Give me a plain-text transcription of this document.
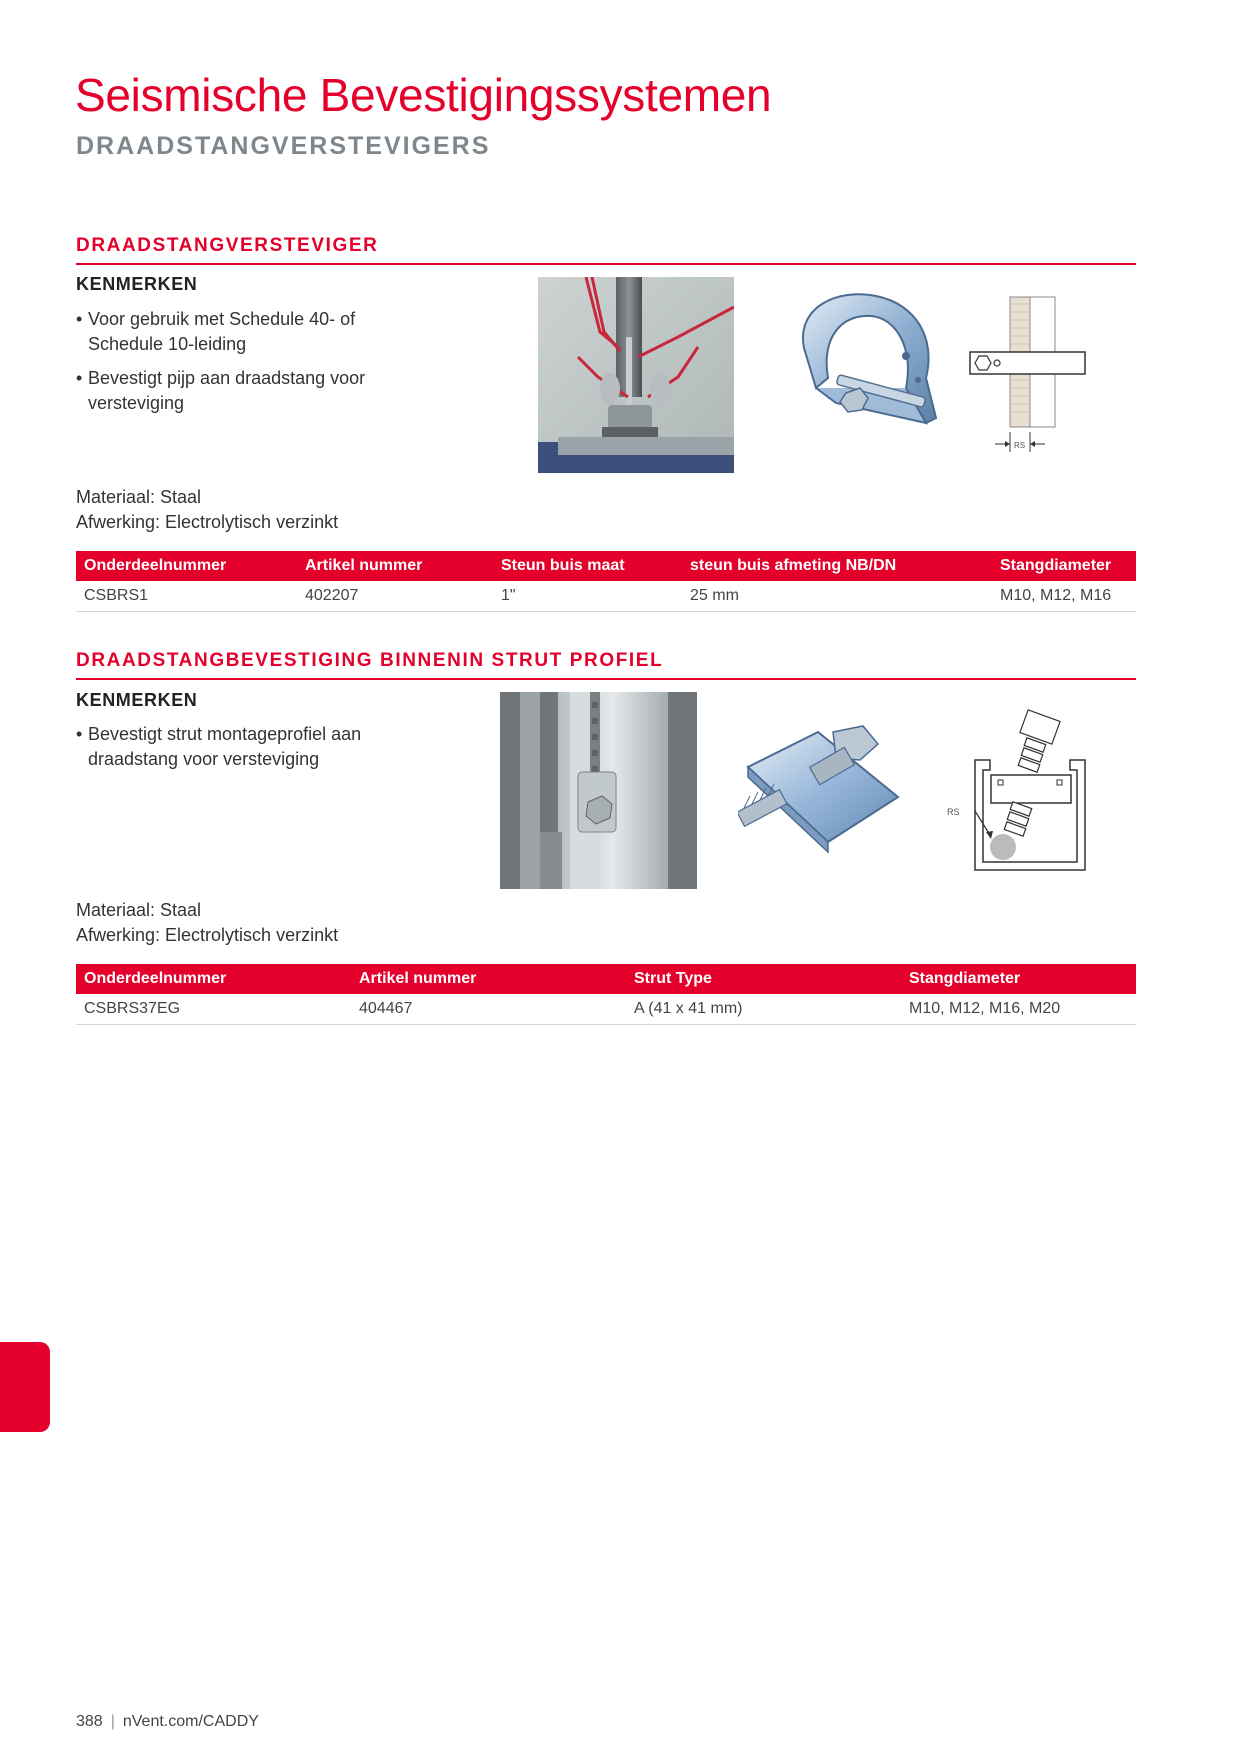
Seismische Bevestigingssystemen
DRAADSTANGVERSTEVIGERS
DRAADSTANGVERSTEVIGER
KENMERKEN
• Voor gebruik met Schedule 40- of Schedule 10-leiding
• Bevestigt pijp aan draadstang voor versteviging
RS
Materiaal: Staal
Afwerking: Electrolytisch verzinkt
Onderdeelnummer	Artikel nummer	Steun buis maat	steun buis afmeting NB/DN	Stangdiameter
CSBRS1	402207	1"	25 mm	M10, M12, M16
DRAADSTANGBEVESTIGING BINNENIN STRUT PROFIEL
KENMERKEN
• Bevestigt strut montageprofiel aan draadstang voor versteviging
RS
Materiaal: Staal
Afwerking: Electrolytisch verzinkt
Onderdeelnummer	Artikel nummer	Strut Type	Stangdiameter
CSBRS37EG	404467	A (41 x 41 mm)	M10, M12, M16, M20
388 | nVent.com/CADDY
